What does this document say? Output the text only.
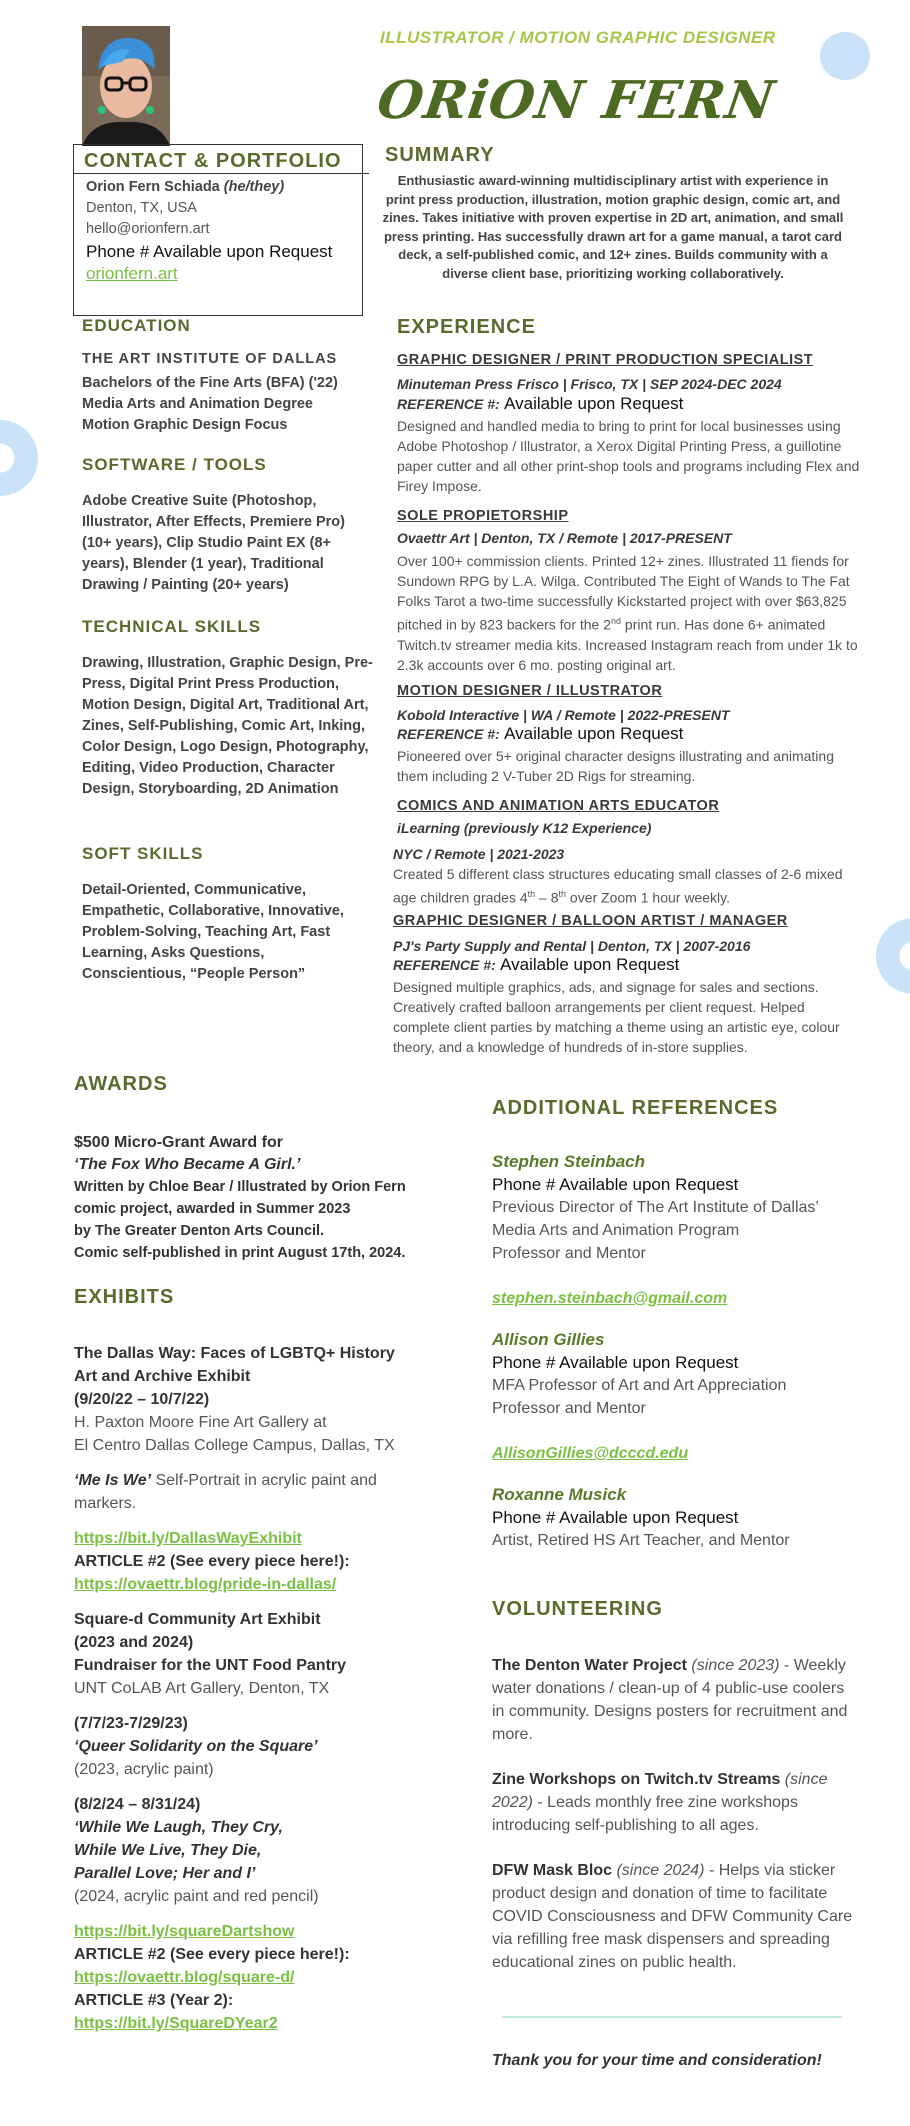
ILLUSTRATOR / MOTION GRAPHIC DESIGNER
ORiON FERN
CONTACT & PORTFOLIO
Orion Fern Schiada (he/they)
Denton, TX, USA
hello@orionfern.art
Phone # Available upon Request
orionfern.art
SUMMARY
Enthusiastic award-winning multidisciplinary artist with experience in print press production, illustration, motion graphic design, comic art, and zines. Takes initiative with proven expertise in 2D art, animation, and small press printing. Has successfully drawn art for a game manual, a tarot card deck, a self-published comic, and 12+ zines. Builds community with a diverse client base, prioritizing working collaboratively.
EDUCATION
THE ART INSTITUTE OF DALLAS

Bachelors of the Fine Arts (BFA) ('22)

Media Arts and Animation Degree

Motion Graphic Design Focus

SOFTWARE / TOOLS
Adobe Creative Suite (Photoshop, Illustrator, After Effects, Premiere Pro) (10+ years), Clip Studio Paint EX (8+ years), Blender (1 year), Traditional Drawing / Painting (20+ years)
TECHNICAL SKILLS
Drawing, Illustration, Graphic Design, Pre-Press, Digital Print Press Production, Motion Design, Digital Art, Traditional Art, Zines, Self-Publishing, Comic Art, Inking, Color Design, Logo Design, Photography, Editing, Video Production, Character Design, Storyboarding, 2D Animation
SOFT SKILLS
Detail-Oriented, Communicative, Empathetic, Collaborative, Innovative, Problem-Solving, Teaching Art, Fast Learning, Asks Questions, Conscientious, “People Person”
EXPERIENCE
GRAPHIC DESIGNER / PRINT PRODUCTION SPECIALIST
Minuteman Press Frisco | Frisco, TX | SEP 2024-DEC 2024
REFERENCE #: Available upon Request
Designed and handled media to bring to print for local businesses using Adobe Photoshop / Illustrator, a Xerox Digital Printing Press, a guillotine paper cutter and all other print-shop tools and programs including Flex and Firey Impose.
SOLE PROPIETORSHIP
Ovaettr Art | Denton, TX / Remote | 2017-PRESENT
Over 100+ commission clients. Printed 12+ zines. Illustrated 11 fiends for Sundown RPG by L.A. Wilga. Contributed The Eight of Wands to The Fat Folks Tarot a two-time successfully Kickstarted project with over $63,825 pitched in by 823 backers for the 2nd print run. Has done 6+ animated Twitch.tv streamer media kits. Increased Instagram reach from under 1k to 2.3k accounts over 6 mo. posting original art.
MOTION DESIGNER / ILLUSTRATOR
Kobold Interactive | WA / Remote | 2022-PRESENT
REFERENCE #: Available upon Request
Pioneered over 5+ original character designs illustrating and animating them including 2 V-Tuber 2D Rigs for streaming.
COMICS AND ANIMATION ARTS EDUCATOR
iLearning (previously K12 Experience)
NYC / Remote | 2021-2023
Created 5 different class structures educating small classes of 2-6 mixed age children grades 4th – 8th over Zoom 1 hour weekly.
GRAPHIC DESIGNER / BALLOON ARTIST / MANAGER
PJ's Party Supply and Rental | Denton, TX | 2007-2016
REFERENCE #: Available upon Request
Designed multiple graphics, ads, and signage for sales and sections. Creatively crafted balloon arrangements per client request. Helped complete client parties by matching a theme using an artistic eye, colour theory, and a knowledge of hundreds of in-store supplies.
AWARDS

$500 Micro-Grant Award for

‘The Fox Who Became A Girl.’

Written by Chloe Bear / Illustrated by Orion Fern

comic project, awarded in Summer 2023

by The Greater Denton Arts Council.

Comic self-published in print August 17th, 2024.

EXHIBITS

The Dallas Way: Faces of LGBTQ+ History

Art and Archive Exhibit

(9/20/22 – 10/7/22)

H. Paxton Moore Fine Art Gallery at

El Centro Dallas College Campus, Dallas, TX

‘Me Is We’ Self-Portrait in acrylic paint and markers.

https://bit.ly/DallasWayExhibit

ARTICLE #2 (See every piece here!):

https://ovaettr.blog/pride-in-dallas/

Square-d Community Art Exhibit

(2023 and 2024)

Fundraiser for the UNT Food Pantry

UNT CoLAB Art Gallery, Denton, TX

(7/7/23-7/29/23)

‘Queer Solidarity on the Square’

(2023, acrylic paint)

(8/2/24 – 8/31/24)

‘While We Laugh, They Cry,

While We Live, They Die,

Parallel Love; Her and I’

(2024, acrylic paint and red pencil)

https://bit.ly/squareDartshow

ARTICLE #2 (See every piece here!):

https://ovaettr.blog/square-d/

ARTICLE #3 (Year 2):

https://bit.ly/SquareDYear2

ADDITIONAL REFERENCES

Stephen Steinbach

Phone # Available upon Request

Previous Director of The Art Institute of Dallas’

Media Arts and Animation Program

Professor and Mentor

stephen.steinbach@gmail.com

Allison Gillies

Phone # Available upon Request

MFA Professor of Art and Art Appreciation

Professor and Mentor

AllisonGillies@dcccd.edu

Roxanne Musick

Phone # Available upon Request

Artist, Retired HS Art Teacher, and Mentor

VOLUNTEERING

The Denton Water Project (since 2023) - Weekly water donations / clean-up of 4 public-use coolers in community. Designs posters for recruitment and more.

Zine Workshops on Twitch.tv Streams (since 2022) - Leads monthly free zine workshops introducing self-publishing to all ages.

DFW Mask Bloc (since 2024) - Helps via sticker product design and donation of time to facilitate COVID Consciousness and DFW Community Care via refilling free mask dispensers and spreading educational zines on public health.

Thank you for your time and consideration!
